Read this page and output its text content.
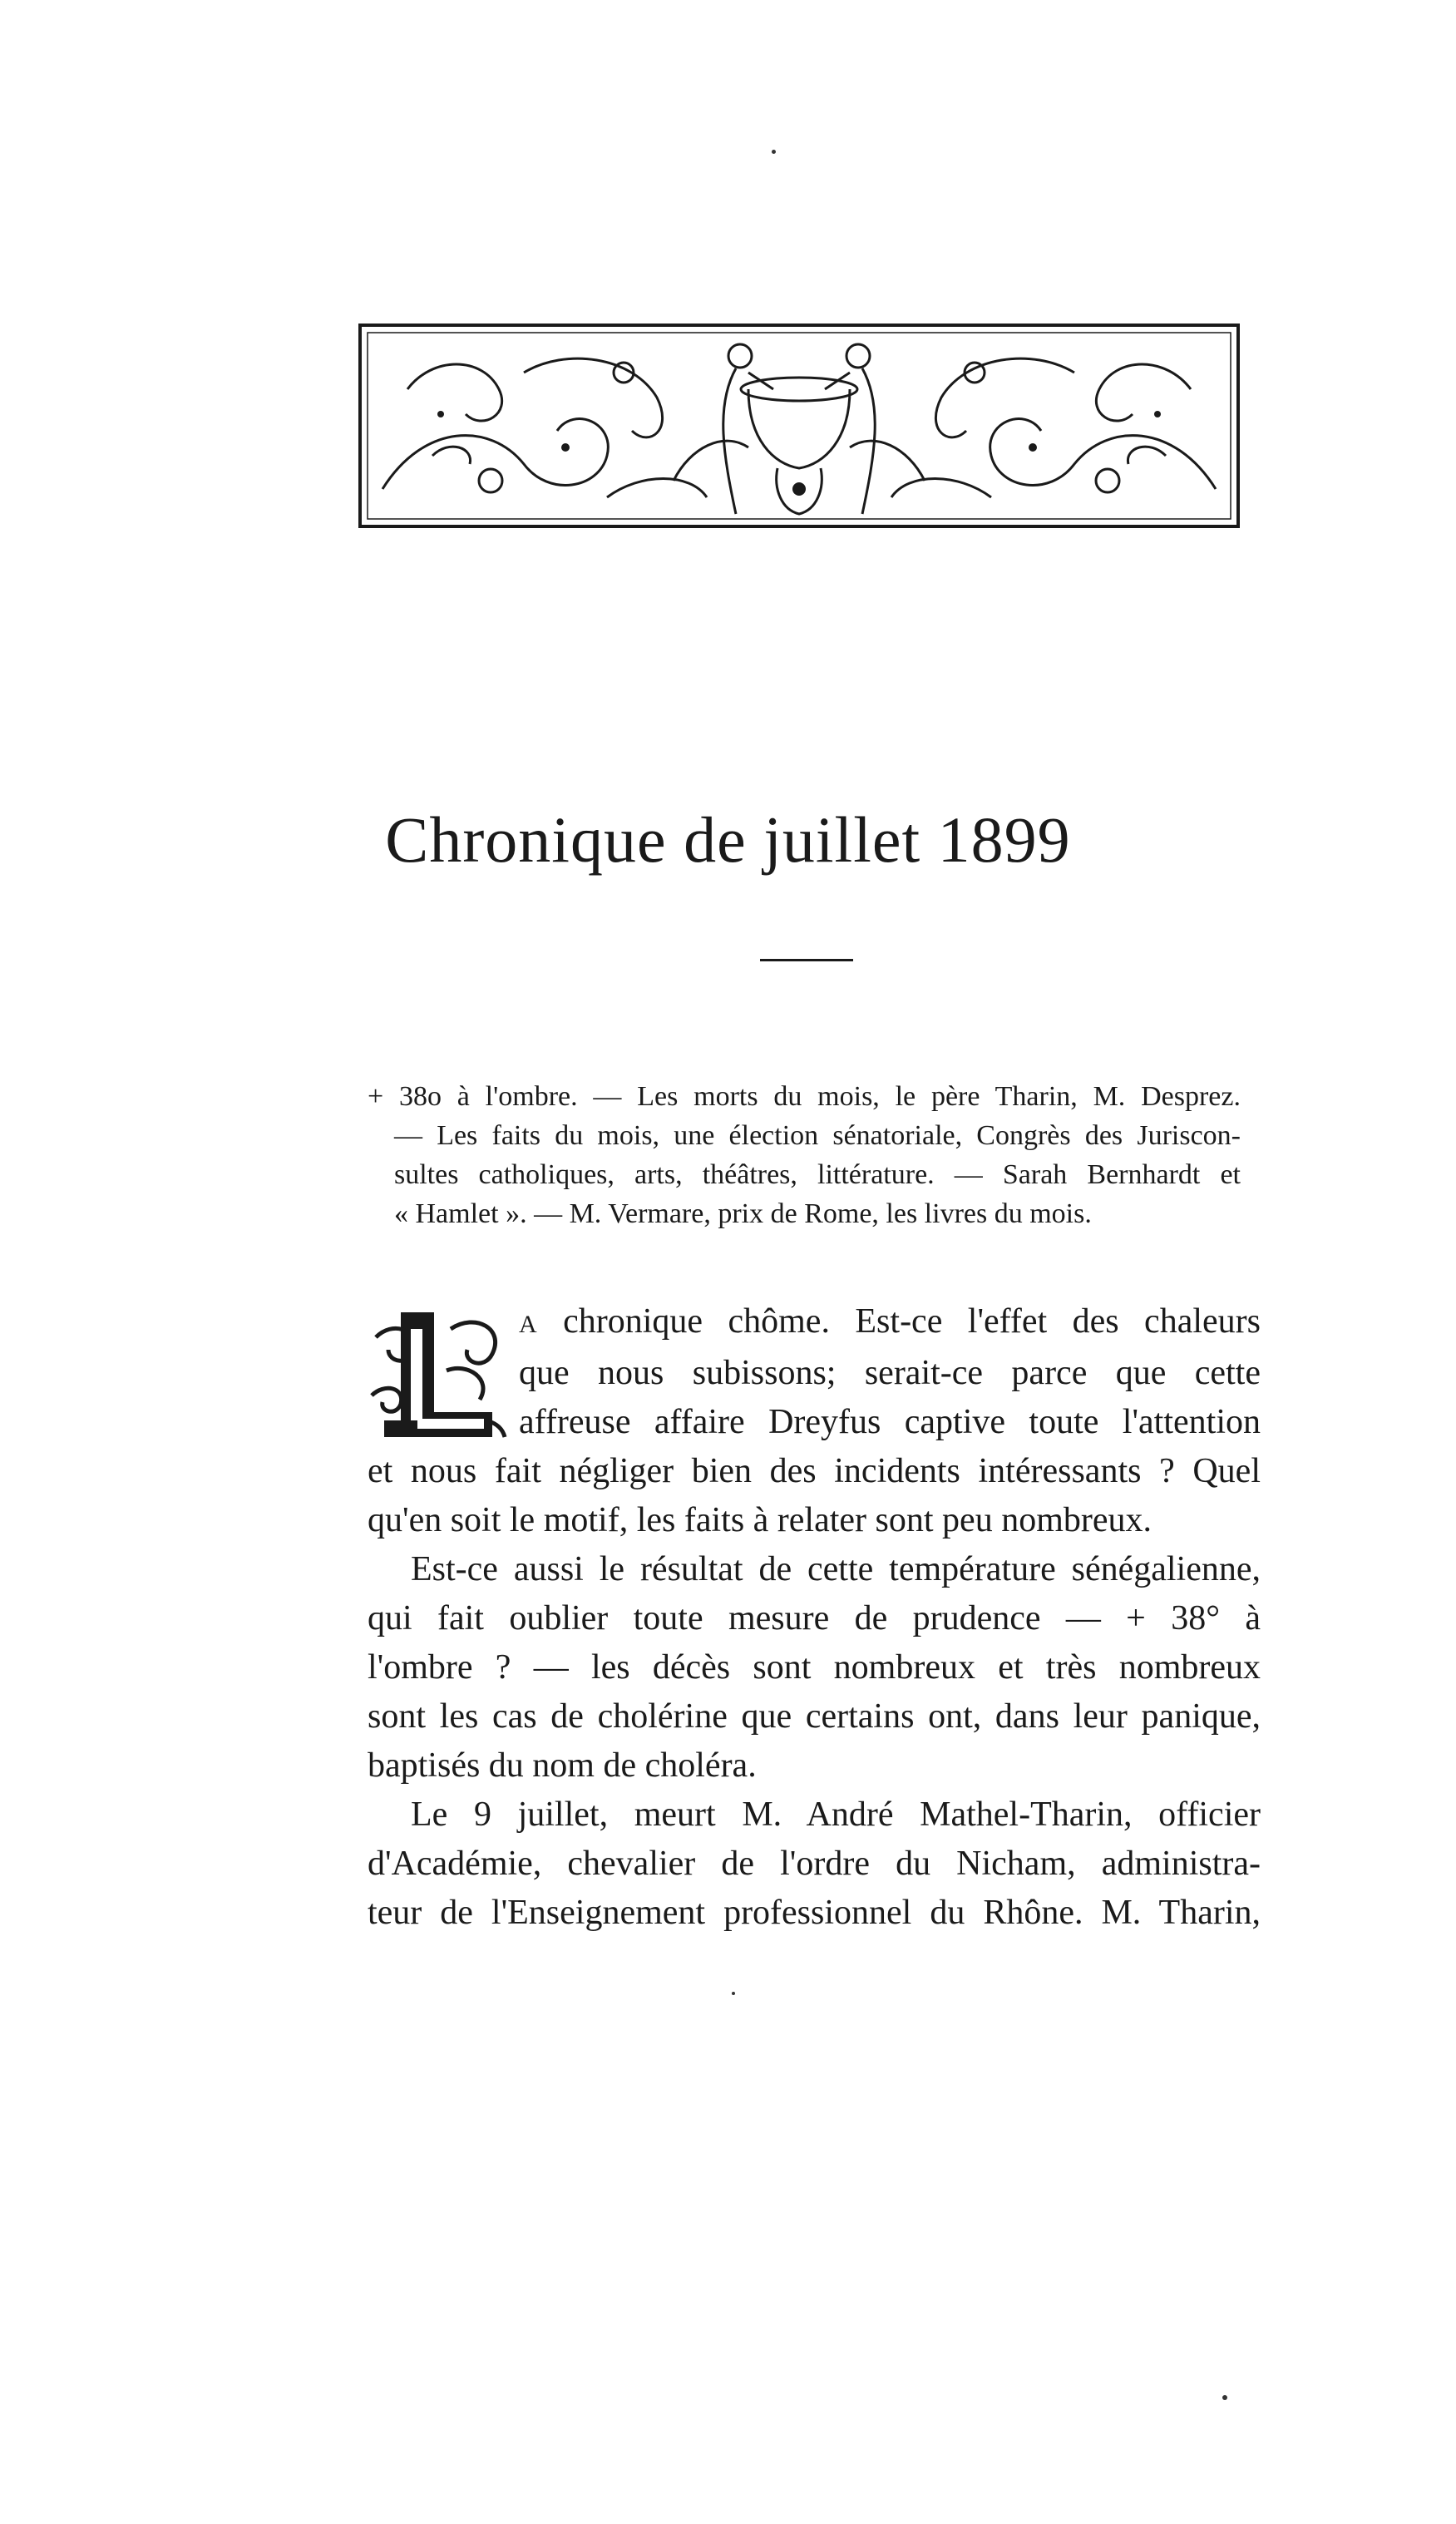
Chronique de juillet 1899
+ 38o à l'ombre. — Les morts du mois, le père Tharin, M. Desprez.
— Les faits du mois, une élection sénatoriale, Congrès des Juriscon-
sultes catholiques, arts, théâtres, littérature. — Sarah Bernhardt et
« Hamlet ». — M. Vermare, prix de Rome, les livres du mois.
A chronique chôme. Est-ce l'effet des chaleurs
que nous subissons; serait-ce parce que cette
affreuse affaire Dreyfus captive toute l'attention
et nous fait négliger bien des incidents intéressants ? Quel
qu'en soit le motif, les faits à relater sont peu nombreux.
Est-ce aussi le résultat de cette température sénégalienne,
qui fait oublier toute mesure de prudence — + 38° à
l'ombre ? — les décès sont nombreux et très nombreux
sont les cas de cholérine que certains ont, dans leur panique,
baptisés du nom de choléra.
Le 9 juillet, meurt M. André Mathel-Tharin, officier
d'Académie, chevalier de l'ordre du Nicham, administra-
teur de l'Enseignement professionnel du Rhône. M. Tharin,
